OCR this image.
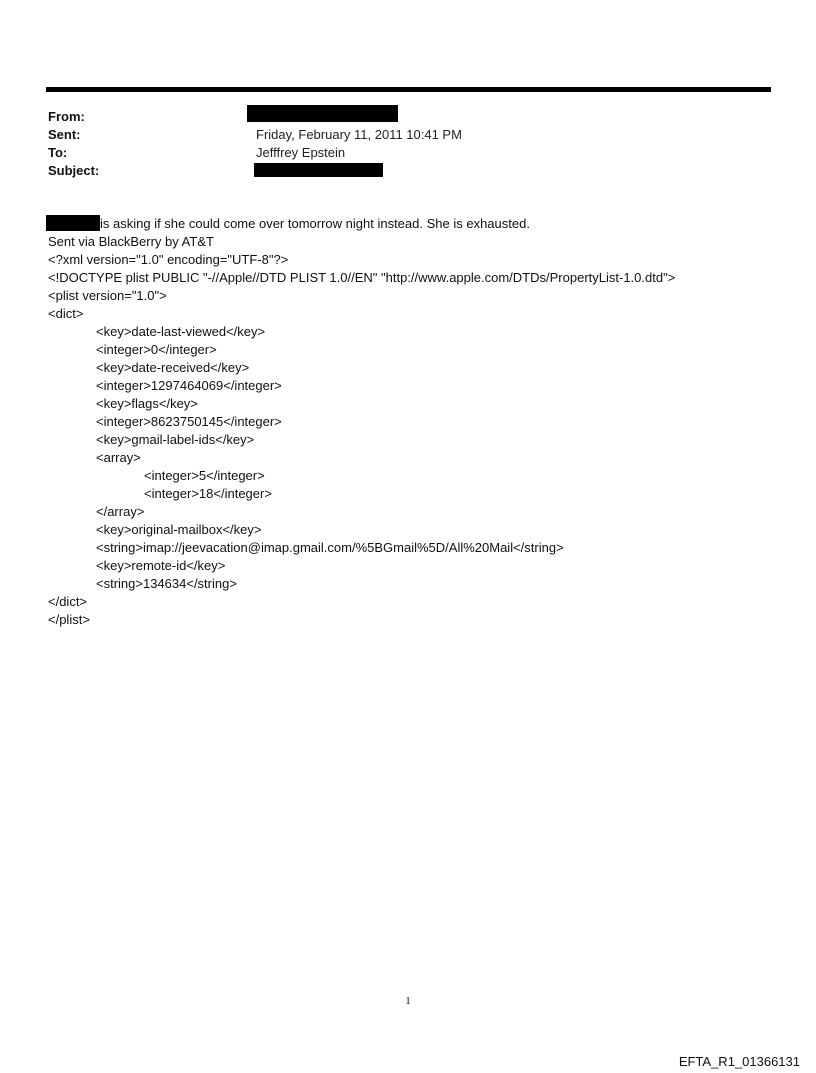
From:
Sent:	Friday, February 11, 2011 10:41 PM
To:	Jefffrey Epstein
Subject:
is asking if she could come over tomorrow night instead. She is exhausted.
Sent via BlackBerry by AT&T
<?xml version="1.0" encoding="UTF-8"?>
<!DOCTYPE plist PUBLIC "-//Apple//DTD PLIST 1.0//EN" "http://www.apple.com/DTDs/PropertyList-1.0.dtd">
<plist version="1.0">
<dict>
<key>date-last-viewed</key>
<integer>0</integer>
<key>date-received</key>
<integer>1297464069</integer>
<key>flags</key>
<integer>8623750145</integer>
<key>gmail-label-ids</key>
<array>
<integer>5</integer>
<integer>18</integer>
</array>
<key>original-mailbox</key>
<string>imap://jeevacation@imap.gmail.com/%5BGmail%5D/All%20Mail</string>
<key>remote-id</key>
<string>134634</string>
</dict>
</plist>
1
EFTA_R1_01366131
